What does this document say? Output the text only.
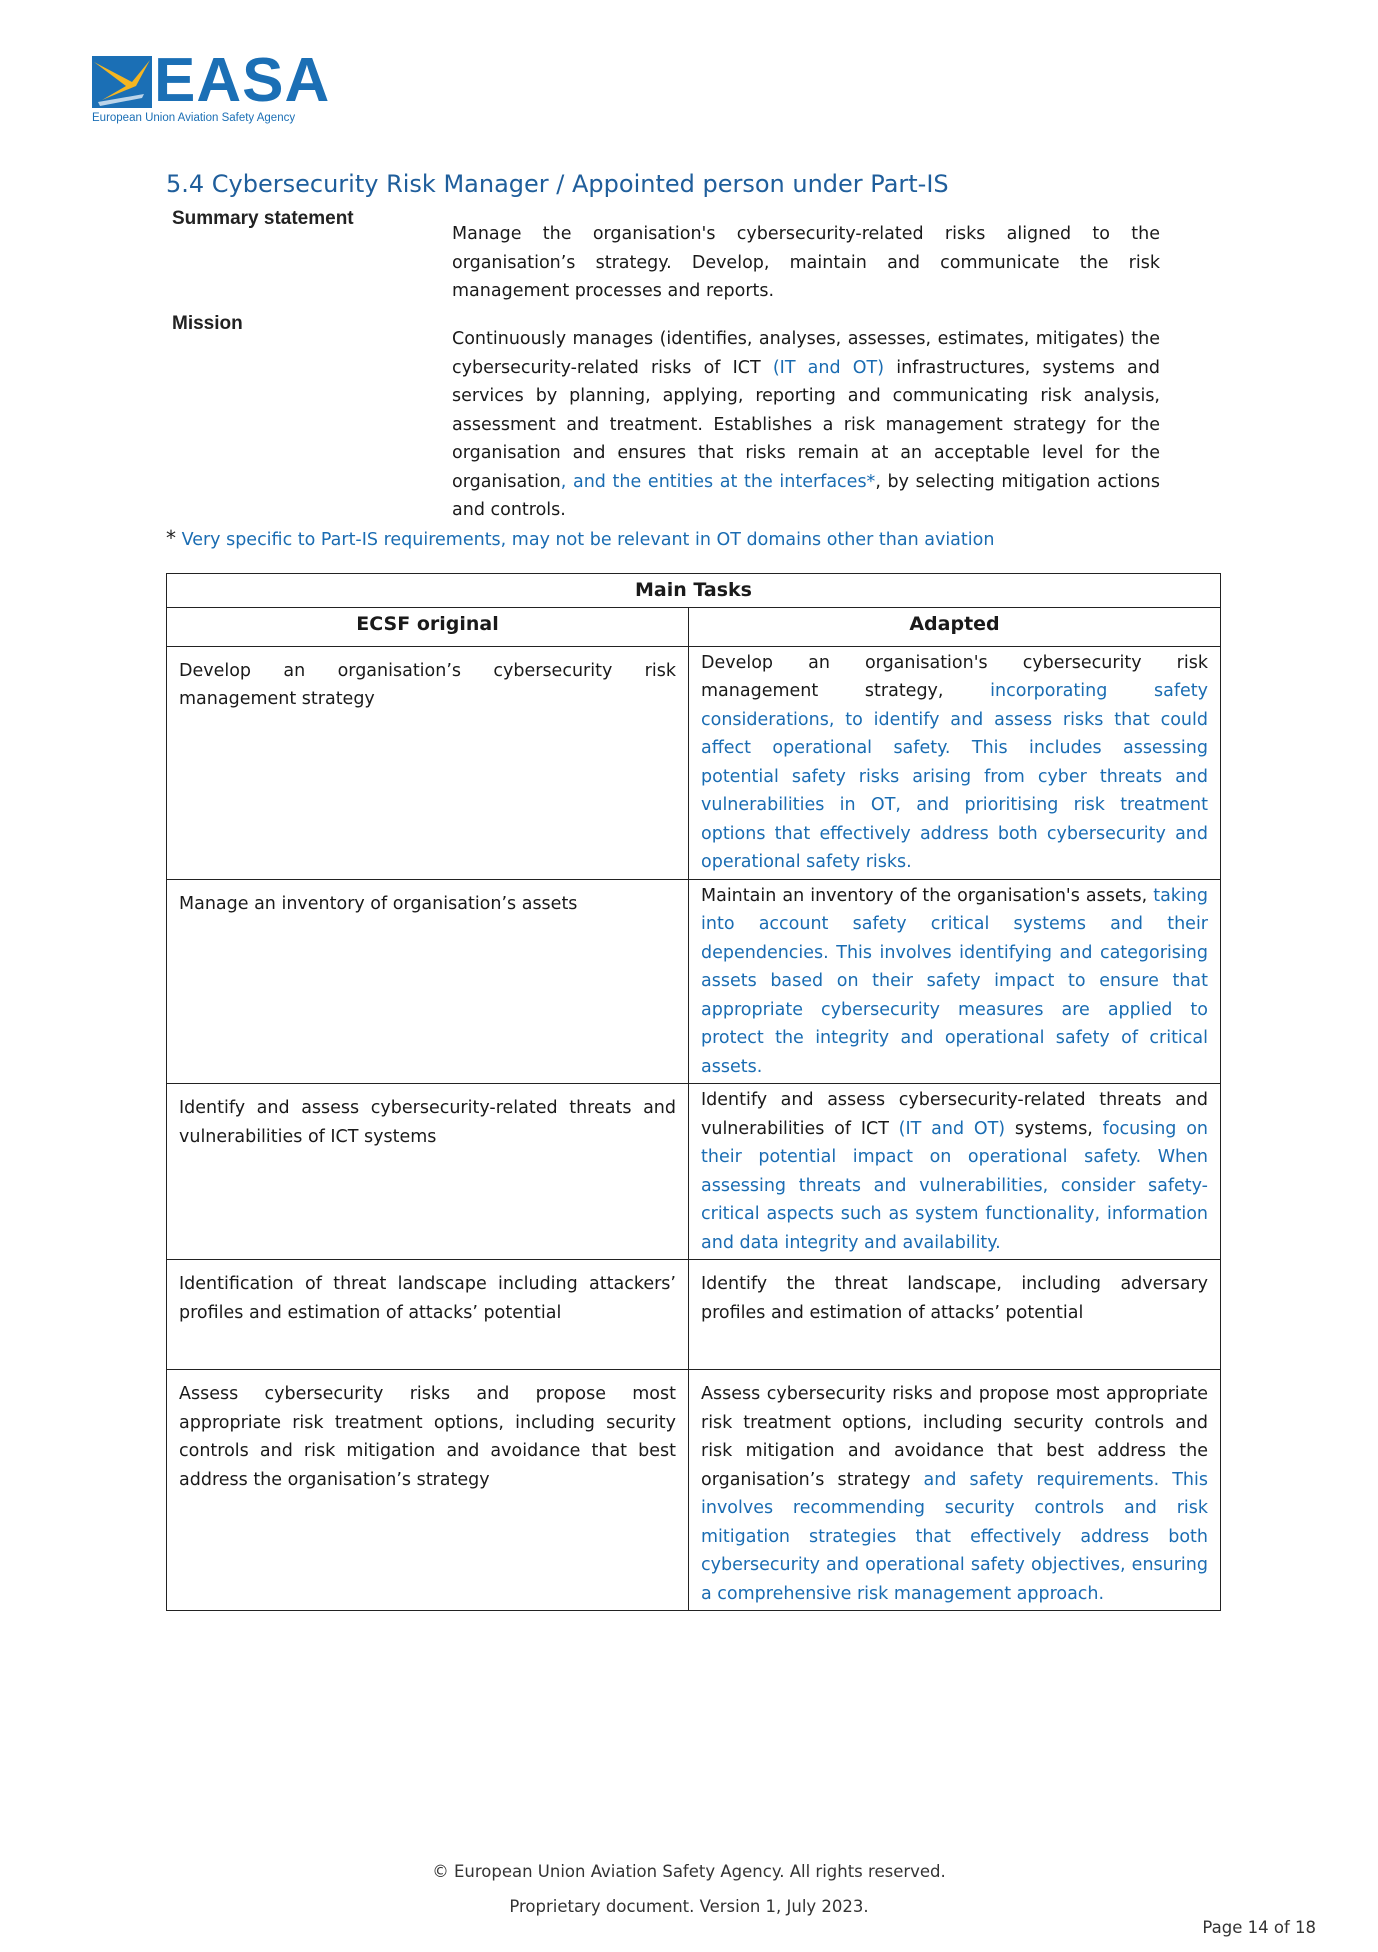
EASA
European Union Aviation Safety Agency
5.4 Cybersecurity Risk Manager / Appointed person under Part-IS
Summary statement
Manage the organisation's cybersecurity-related risks aligned to the organisation’s strategy. Develop, maintain and communicate the risk management processes and reports.
Mission
Continuously manages (identifies, analyses, assesses, estimates, mitigates) the cybersecurity-related risks of ICT (IT and OT) infrastructures, systems and services by planning, applying, reporting and communicating risk analysis, assessment and treatment. Establishes a risk management strategy for the organisation and ensures that risks remain at an acceptable level for the organisation, and the entities at the interfaces*, by selecting mitigation actions and controls.
* Very specific to Part-IS requirements, may not be relevant in OT domains other than aviation
Main Tasks	
ECSF original	Adapted
Develop an organisation’s cybersecurity risk management strategy	Develop an organisation's cybersecurity risk management strategy, incorporating safety considerations, to identify and assess risks that could affect operational safety. This includes assessing potential safety risks arising from cyber threats and vulnerabilities in OT, and prioritising risk treatment options that effectively address both cybersecurity and operational safety risks.
Manage an inventory of organisation’s assets	Maintain an inventory of the organisation's assets, taking into account safety critical systems and their dependencies. This involves identifying and categorising assets based on their safety impact to ensure that appropriate cybersecurity measures are applied to protect the integrity and operational safety of critical assets.
Identify and assess cybersecurity-related threats and vulnerabilities of ICT systems	Identify and assess cybersecurity-related threats and vulnerabilities of ICT (IT and OT) systems, focusing on their potential impact on operational safety. When assessing threats and vulnerabilities, consider safety-critical aspects such as system functionality, information and data integrity and availability.
Identification of threat landscape including attackers’ profiles and estimation of attacks’ potential	Identify the threat landscape, including adversary profiles and estimation of attacks’ potential
Assess cybersecurity risks and propose most appropriate risk treatment options, including security controls and risk mitigation and avoidance that best address the organisation’s strategy	Assess cybersecurity risks and propose most appropriate risk treatment options, including security controls and risk mitigation and avoidance that best address the organisation’s strategy and safety requirements. This involves recommending security controls and risk mitigation strategies that effectively address both cybersecurity and operational safety objectives, ensuring a comprehensive risk management approach.
© European Union Aviation Safety Agency. All rights reserved.
Proprietary document. Version 1, July 2023.
Page 14 of 18
